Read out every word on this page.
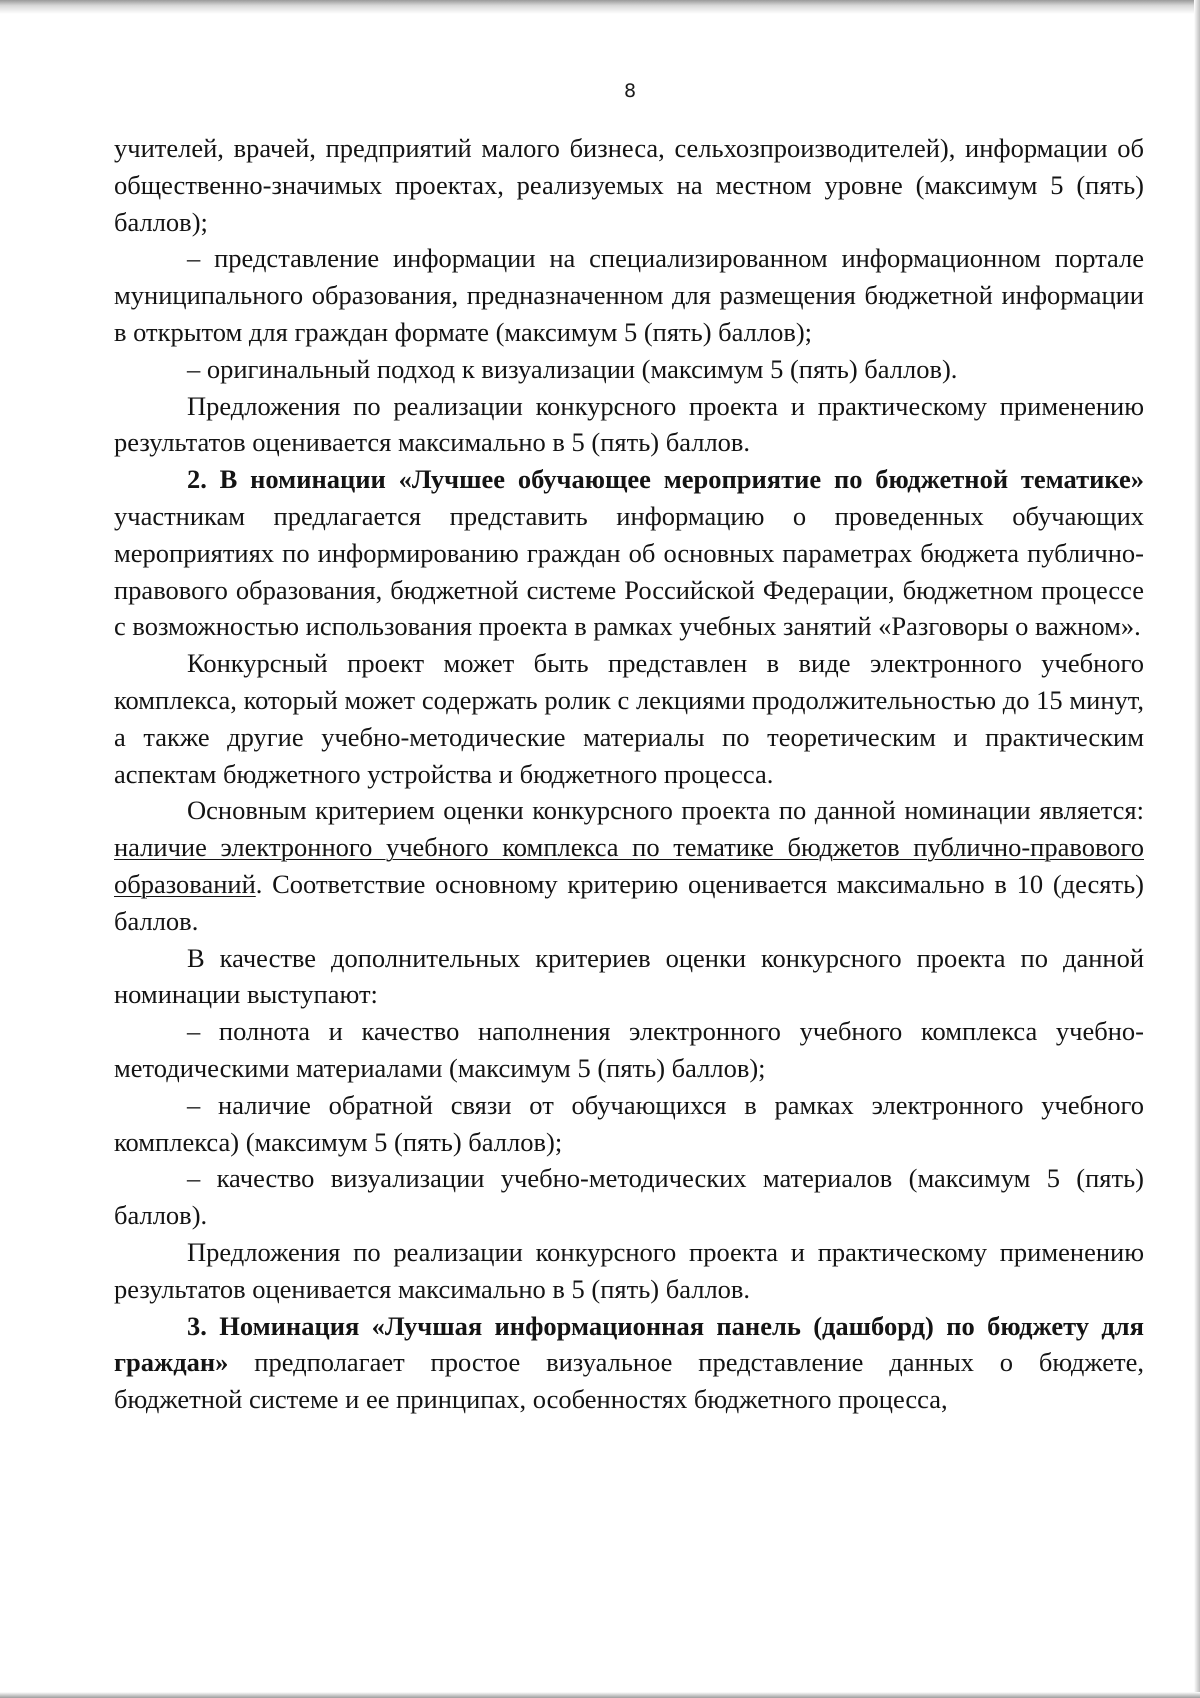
8

учителей, врачей, предприятий малого бизнеса, сельхозпроизводителей), информации об общественно-значимых проектах, реализуемых на местном уровне (максимум 5 (пять) баллов);

– представление информации на специализированном информационном портале муниципального образования, предназначенном для размещения бюджетной информации в открытом для граждан формате (максимум 5 (пять) баллов);

– оригинальный подход к визуализации (максимум 5 (пять) баллов).

Предложения по реализации конкурсного проекта и практическому применению результатов оценивается максимально в 5 (пять) баллов.

2. В номинации «Лучшее обучающее мероприятие по бюджетной тематике» участникам предлагается представить информацию о проведенных обучающих мероприятиях по информированию граждан об основных параметрах бюджета публично-правового образования, бюджетной системе Российской Федерации, бюджетном процессе с возможностью использования проекта в рамках учебных занятий «Разговоры о важном».

Конкурсный проект может быть представлен в виде электронного учебного комплекса, который может содержать ролик с лекциями продолжительностью до 15 минут, а также другие учебно-методические материалы по теоретическим и практическим аспектам бюджетного устройства и бюджетного процесса.

Основным критерием оценки конкурсного проекта по данной номинации является: наличие электронного учебного комплекса по тематике бюджетов публично-правового образований. Соответствие основному критерию оценивается максимально в 10 (десять) баллов.

В качестве дополнительных критериев оценки конкурсного проекта по данной номинации выступают:

– полнота и качество наполнения электронного учебного комплекса учебно-методическими материалами (максимум 5 (пять) баллов);

– наличие обратной связи от обучающихся в рамках электронного учебного комплекса) (максимум 5 (пять) баллов);

– качество визуализации учебно-методических материалов (максимум 5 (пять) баллов).

Предложения по реализации конкурсного проекта и практическому применению результатов оценивается максимально в 5 (пять) баллов.

3. Номинация «Лучшая информационная панель (дашборд) по бюджету для граждан» предполагает простое визуальное представление данных о бюджете, бюджетной системе и ее принципах, особенностях бюджетного процесса,
